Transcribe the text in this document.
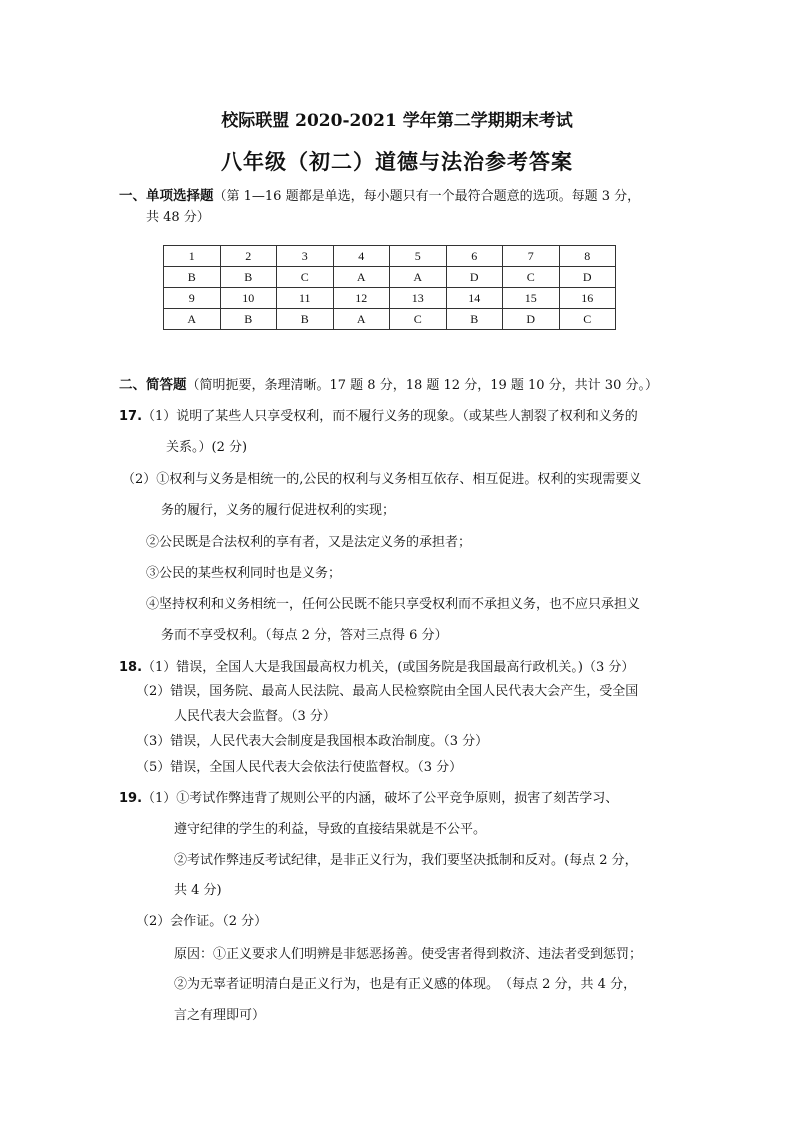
校际联盟 2020-2021 学年第二学期期末考试
八年级（初二）道德与法治参考答案
一、单项选择题（第 1—16 题都是单选，每小题只有一个最符合题意的选项。每题 3 分，
共 48 分）
1	2	3	4	5	6	7	8
B	B	C	A	A	D	C	D
9	10	11	12	13	14	15	16
A	B	B	A	C	B	D	C
二、简答题（简明扼要，条理清晰。17 题 8 分，18 题 12 分，19 题 10 分，共计 30 分。）
17.（1）说明了某些人只享受权利，而不履行义务的现象。（或某些人割裂了权利和义务的
关系。）(2 分)
（2）①权利与义务是相统一的,公民的权利与义务相互依存、相互促进。权利的实现需要义
务的履行，义务的履行促进权利的实现；
②公民既是合法权利的享有者，又是法定义务的承担者；
③公民的某些权利同时也是义务；
④坚持权利和义务相统一，任何公民既不能只享受权利而不承担义务，也不应只承担义
务而不享受权利。（每点 2 分，答对三点得 6 分）
18.（1）错误，全国人大是我国最高权力机关，(或国务院是我国最高行政机关。)（3 分）
（2）错误，国务院、最高人民法院、最高人民检察院由全国人民代表大会产生，受全国
人民代表大会监督。（3 分）
（3）错误，人民代表大会制度是我国根本政治制度。（3 分）
（5）错误，全国人民代表大会依法行使监督权。（3 分）
19.（1）①考试作弊违背了规则公平的内涵，破坏了公平竞争原则，损害了刻苦学习、
遵守纪律的学生的利益，导致的直接结果就是不公平。
②考试作弊违反考试纪律，是非正义行为，我们要坚决抵制和反对。(每点 2 分，
共 4 分)
（2）会作证。（2 分）
原因：①正义要求人们明辨是非惩恶扬善。使受害者得到救济、违法者受到惩罚；
②为无辜者证明清白是正义行为，也是有正义感的体现。　（每点 2 分，共 4 分，
言之有理即可）
